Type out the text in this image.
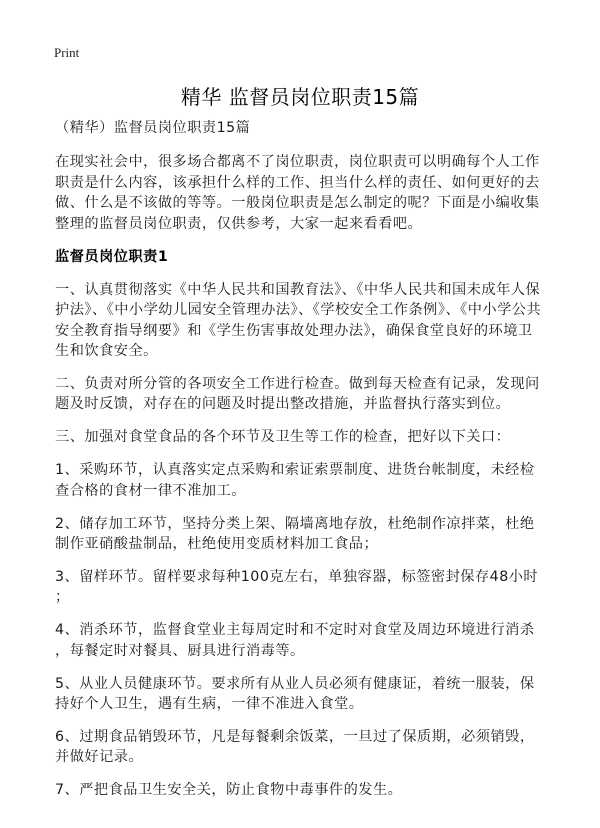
Print
精华 监督员岗位职责15篇

（精华）监督员岗位职责15篇

在现实社会中，很多场合都离不了岗位职责，岗位职责可以明确每个人工作职责是什么内容，该承担什么样的工作、担当什么样的责任、如何更好的去做、什么是不该做的等等。一般岗位职责是怎么制定的呢？下面是小编收集整理的监督员岗位职责，仅供参考，大家一起来看看吧。

监督员岗位职责1

一、认真贯彻落实《中华人民共和国教育法》、《中华人民共和国未成年人保护法》、《中小学幼儿园安全管理办法》、《学校安全工作条例》、《中小学公共安全教育指导纲要》和《学生伤害事故处理办法》，确保食堂良好的环境卫生和饮食安全。

二、负责对所分管的各项安全工作进行检查。做到每天检查有记录，发现问题及时反馈，对存在的问题及时提出整改措施，并监督执行落实到位。

三、加强对食堂食品的各个环节及卫生等工作的检查，把好以下关口：

1、采购环节，认真落实定点采购和索证索票制度、进货台帐制度，未经检查合格的食材一律不准加工。

2、储存加工环节，坚持分类上架、隔墙离地存放，杜绝制作凉拌菜，杜绝制作亚硝酸盐制品，杜绝使用变质材料加工食品；

3、留样环节。留样要求每种100克左右，单独容器，标签密封保存48小时；

4、消杀环节，监督食堂业主每周定时和不定时对食堂及周边环境进行消杀，每餐定时对餐具、厨具进行消毒等。

5、从业人员健康环节。要求所有从业人员必须有健康证，着统一服装，保持好个人卫生，遇有生病，一律不准进入食堂。

6、过期食品销毁环节，凡是每餐剩余饭菜，一旦过了保质期，必须销毁，并做好记录。

7、严把食品卫生安全关，防止食物中毒事件的发生。
